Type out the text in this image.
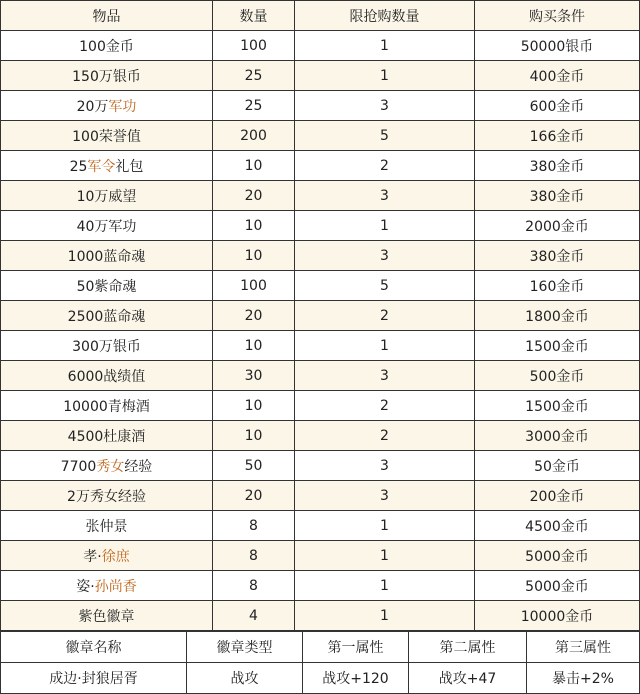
物品	数量	限抢购数量	购买条件
100金币	100	1	50000银币
150万银币	25	1	400金币
20万军功	25	3	600金币
100荣誉值	200	5	166金币
25军令礼包	10	2	380金币
10万威望	20	3	380金币
40万军功	10	1	2000金币
1000蓝命魂	10	3	380金币
50紫命魂	100	5	160金币
2500蓝命魂	20	2	1800金币
300万银币	10	1	1500金币
6000战绩值	30	3	500金币
10000青梅酒	10	2	1500金币
4500杜康酒	10	2	3000金币
7700秀女经验	50	3	50金币
2万秀女经验	20	3	200金币
张仲景	8	1	4500金币
孝·徐庶	8	1	5000金币
姿·孙尚香	8	1	5000金币
紫色徽章	4	1	10000金币
徽章名称	徽章类型	第一属性	第二属性	第三属性
成边·封狼居胥	战攻	战攻+120	战攻+47	暴击+2%
